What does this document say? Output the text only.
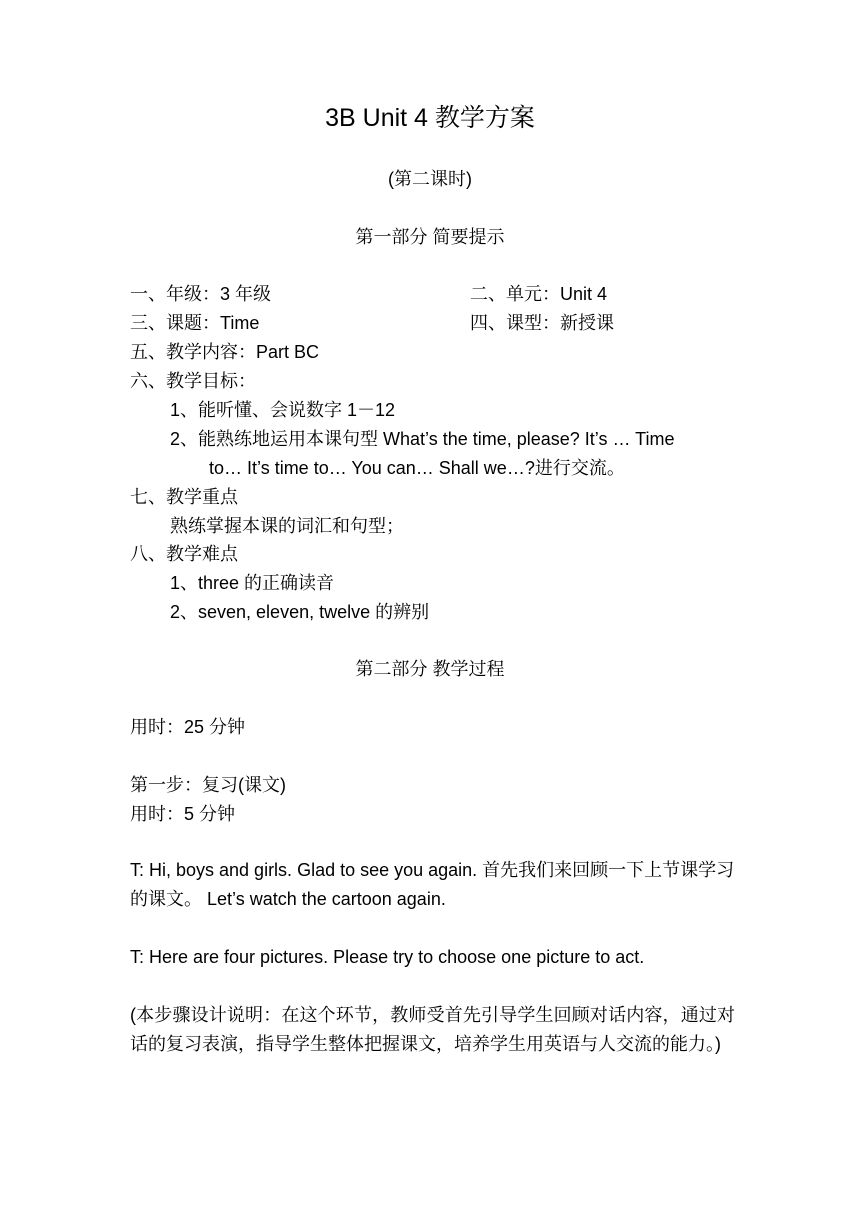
3B Unit 4 教学方案
(第二课时)
第一部分 简要提示
一、年级：3 年级	二、单元：Unit 4
三、课题：Time	四、课型：新授课
五、教学内容：Part BC
六、教学目标：
1、能听懂、会说数字 1－12
2、能熟练地运用本课句型 What’s the time, please? It’s … Time
to… It’s time to… You can… Shall we…?进行交流。
七、教学重点
熟练掌握本课的词汇和句型；
八、教学难点
1、three 的正确读音
2、seven, eleven, twelve 的辨别
第二部分 教学过程
用时：25 分钟
第一步：复习(课文)
用时：5 分钟
T: Hi, boys and girls. Glad to see you again. 首先我们来回顾一下上节课学习的课文。 Let’s watch the cartoon again.
T: Here are four pictures. Please try to choose one picture to act.
(本步骤设计说明：在这个环节，教师受首先引导学生回顾对话内容，通过对话的复习表演，指导学生整体把握课文，培养学生用英语与人交流的能力。)
